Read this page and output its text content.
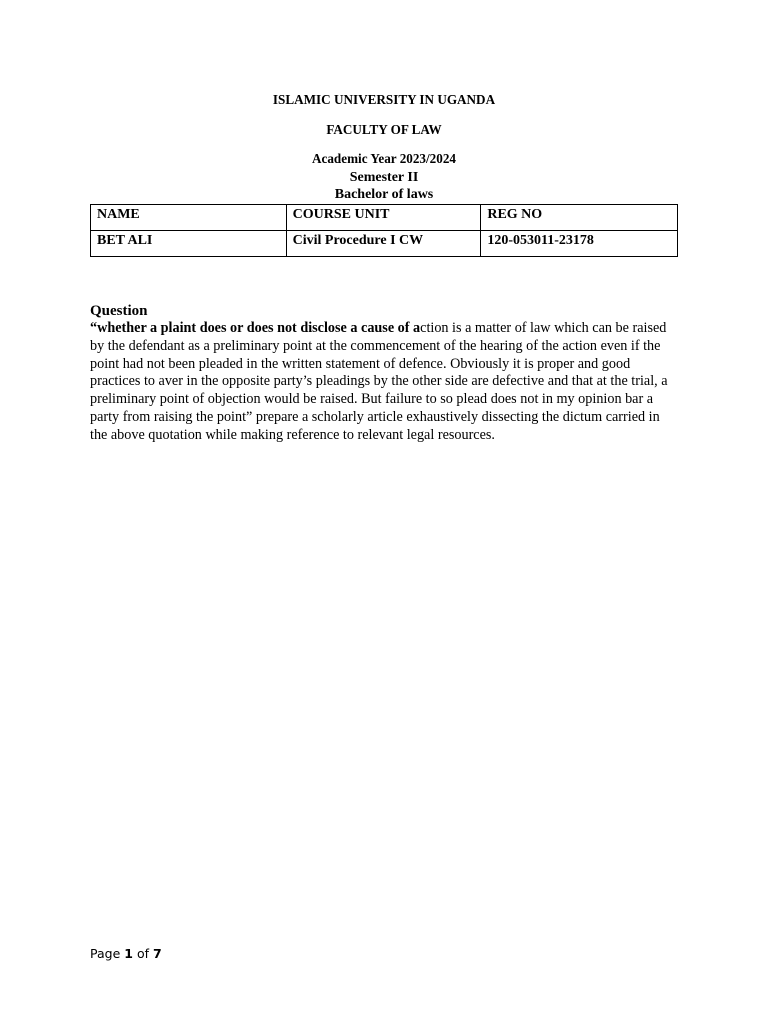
ISLAMIC UNIVERSITY IN UGANDA
FACULTY OF LAW
Academic Year 2023/2024
Semester II
Bachelor of laws
NAME	COURSE UNIT	REG NO
BET ALI	Civil Procedure I CW	120-053011-23178
Question
“whether a plaint does or does not disclose a cause of action is a matter of law which can be raised by the defendant as a preliminary point at the commencement of the hearing of the action even if the point had not been pleaded in the written statement of defence. Obviously it is proper and good practices to aver in the opposite party’s pleadings by the other side are defective and that at the trial, a preliminary point of objection would be raised. But failure to so plead does not in my opinion bar a party from raising the point” prepare a scholarly article exhaustively dissecting the dictum carried in the above quotation while making reference to relevant legal resources.
Page 1 of 7
